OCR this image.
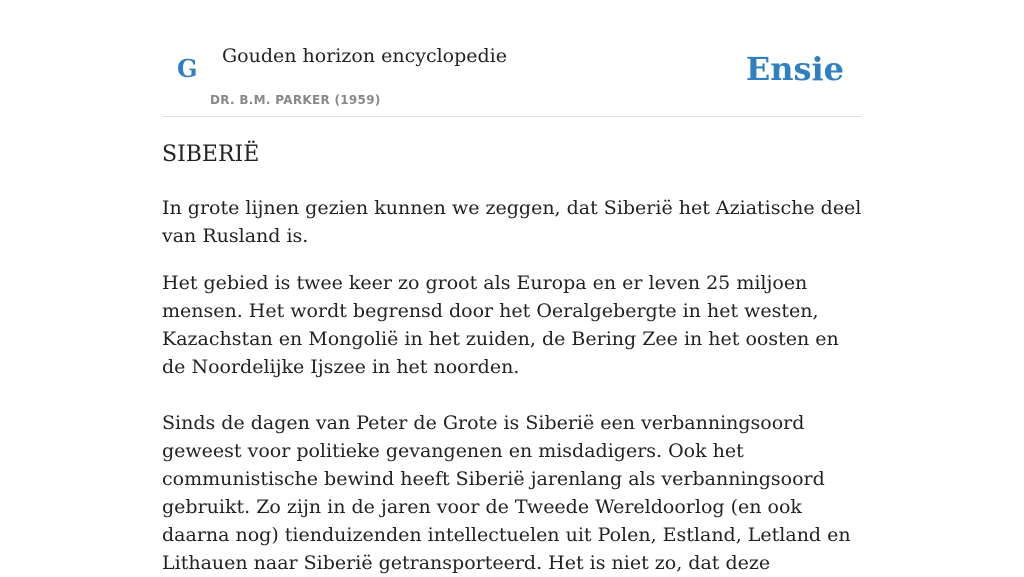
G Gouden horizon encyclopedie
DR. B.M. PARKER (1959)
Ensie
SIBERIË

In grote lijnen gezien kunnen we zeggen, dat Siberië het Aziatische deel van Rusland is.

Het gebied is twee keer zo groot als Europa en er leven 25 miljoen mensen. Het wordt begrensd door het Oeralgebergte in het westen, Kazachstan en Mongolië in het zuiden, de Bering Zee in het oosten en de Noordelijke Ijszee in het noorden.

Sinds de dagen van Peter de Grote is Siberië een verbanningsoord geweest voor politieke gevangenen en misdadigers. Ook het communistische bewind heeft Siberië jarenlang als verbanningsoord gebruikt. Zo zijn in de jaren voor de Tweede Wereldoorlog (en ook daarna nog) tienduizenden intellectuelen uit Polen, Estland, Letland en Lithauen naar Siberië getransporteerd. Het is niet zo, dat deze
